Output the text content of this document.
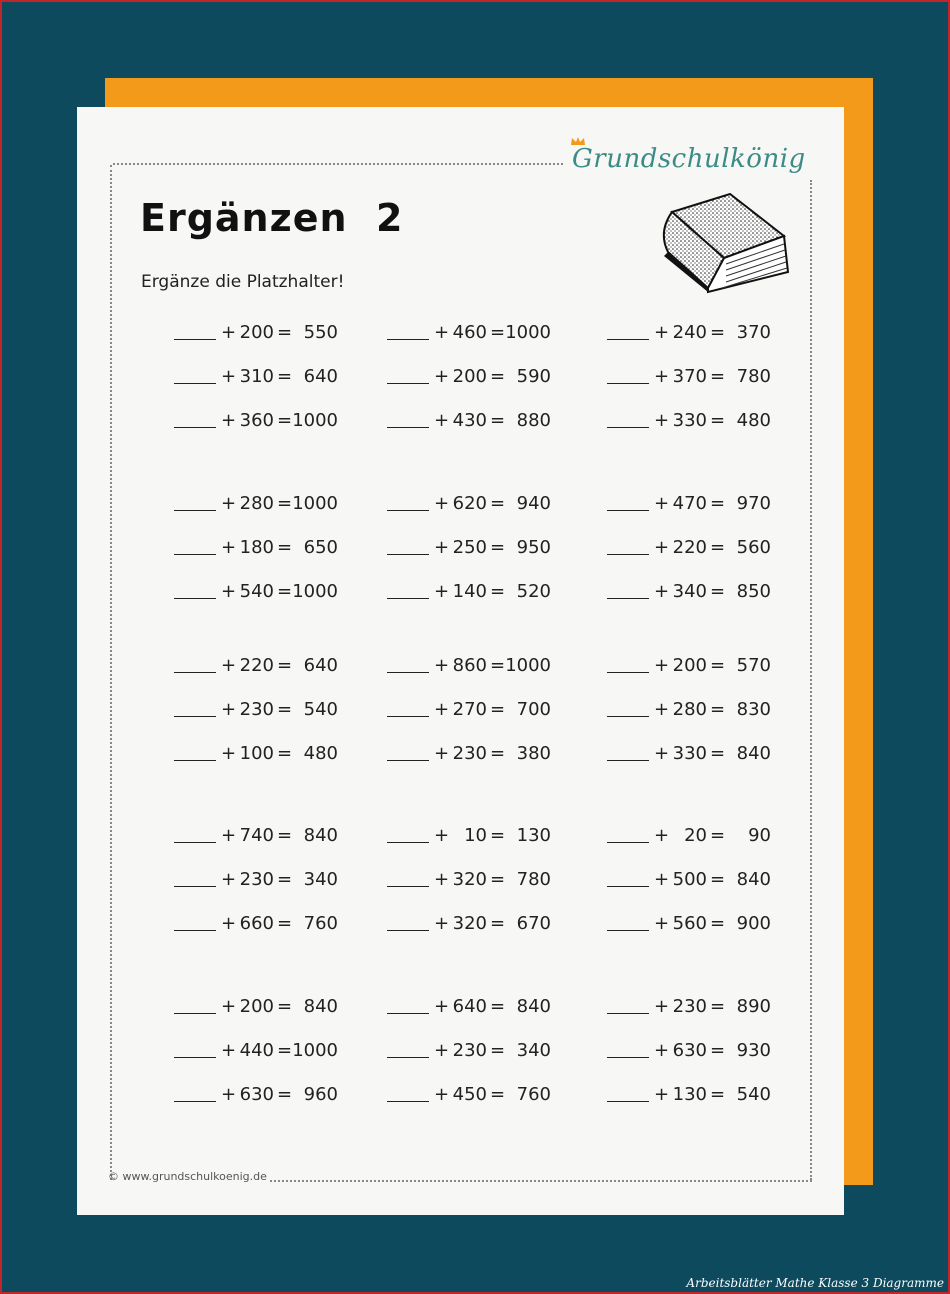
Grundschulkönig
Ergänzen  2
Ergänze die Platzhalter!
+ 200 = 550
+ 310 = 640
+ 360 = 1000
+ 460 = 1000
+ 200 = 590
+ 430 = 880
+ 240 = 370
+ 370 = 780
+ 330 = 480
+ 280 = 1000
+ 180 = 650
+ 540 = 1000
+ 620 = 940
+ 250 = 950
+ 140 = 520
+ 470 = 970
+ 220 = 560
+ 340 = 850
+ 220 = 640
+ 230 = 540
+ 100 = 480
+ 860 = 1000
+ 270 = 700
+ 230 = 380
+ 200 = 570
+ 280 = 830
+ 330 = 840
+ 740 = 840
+ 230 = 340
+ 660 = 760
+ 10 = 130
+ 320 = 780
+ 320 = 670
+ 20 =	90
+ 500 = 840
+ 560 = 900
+ 200 = 840
+ 440 = 1000
+ 630 = 960
+ 640 = 840
+ 230 = 340
+ 450 = 760
+ 230 = 890
+ 630 = 930
+ 130 = 540
© www.grundschulkoenig.de
Arbeitsblätter Mathe Klasse 3 Diagramme
